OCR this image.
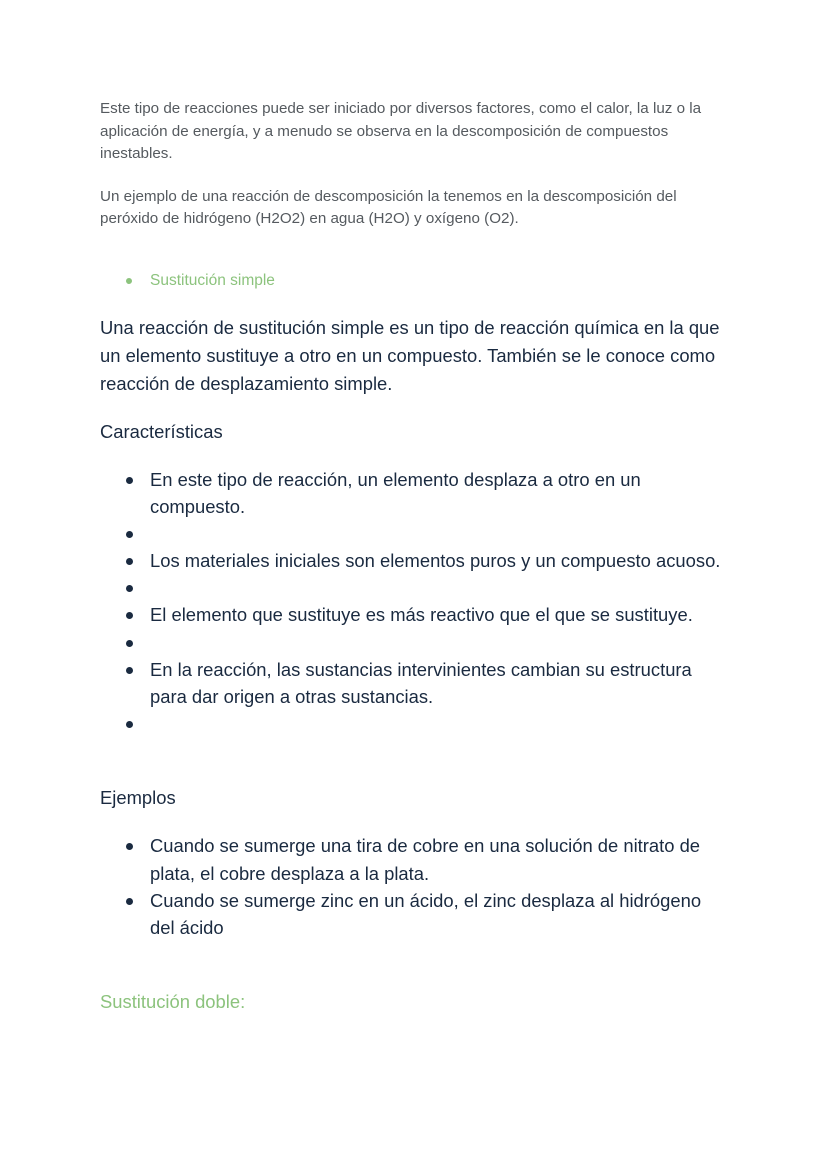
Este tipo de reacciones puede ser iniciado por diversos factores, como el calor, la luz o la aplicación de energía, y a menudo se observa en la descomposición de compuestos inestables.

Un ejemplo de una reacción de descomposición la tenemos en la descomposición del peróxido de hidrógeno (H2O2) en agua (H2O) y oxígeno (O2).

Sustitución simple

Una reacción de sustitución simple es un tipo de reacción química en la que un elemento sustituye a otro en un compuesto. También se le conoce como reacción de desplazamiento simple.

Características

En este tipo de reacción, un elemento desplaza a otro en un compuesto.
Los materiales iniciales son elementos puros y un compuesto acuoso.
El elemento que sustituye es más reactivo que el que se sustituye.
En la reacción, las sustancias intervinientes cambian su estructura para dar origen a otras sustancias.

Ejemplos

Cuando se sumerge una tira de cobre en una solución de nitrato de plata, el cobre desplaza a la plata.
Cuando se sumerge zinc en un ácido, el zinc desplaza al hidrógeno del ácido

Sustitución doble:
